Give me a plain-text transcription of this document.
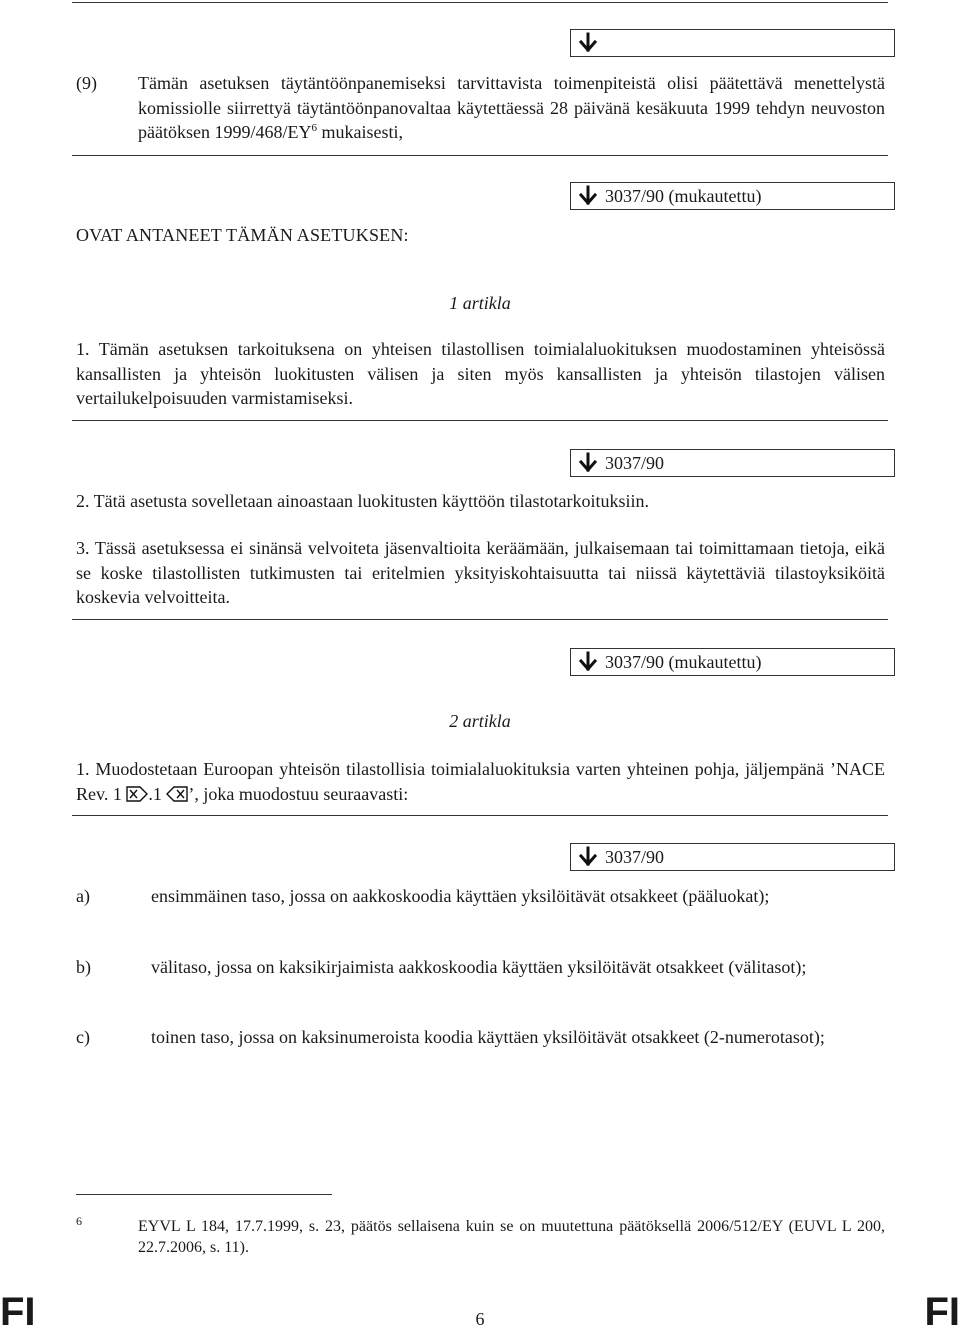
(9) Tämän asetuksen täytäntöönpanemiseksi tarvittavista toimenpiteistä olisi päätettävä menettelystä komissiolle siirrettyä täytäntöönpanovaltaa käytettäessä 28 päivänä kesäkuuta 1999 tehdyn neuvoston päätöksen $1999/468/EY^6$ mukaisesti,
3037/90 (mukautettu)
OVAT ANTANEET TÄMÄN ASETUKSEN:
1 artikla
1. Tämän asetuksen tarkoituksena on yhteisen tilastollisen toimialaluokituksen muodostaminen yhteisössä kansallisten ja yhteisön luokitusten välisen ja siten myös kansallisten ja yhteisön tilastojen välisen vertailukelpoisuuden varmistamiseksi.
3037/90
2. Tätä asetusta sovelletaan ainoastaan luokitusten käyttöön tilastotarkoituksiin.
3. Tässä asetuksessa ei sinänsä velvoiteta jäsenvaltioita keräämään, julkaisemaan tai toimittamaan tietoja, eikä se koske tilastollisten tutkimusten tai eritelmien yksityiskohtaisuutta tai niissä käytettäviä tilastoyksiköitä koskevia velvoitteita.
3037/90 (mukautettu)
2 artikla
1. Muodostetaan Euroopan yhteisön tilastollisia toimialaluokituksia varten yhteinen pohja, jäljempänä ’NACE Rev. 1 .1 ’, joka muodostuu seuraavasti:
3037/90
a)	ensimmäinen taso, jossa on aakkoskoodia käyttäen yksilöitävät otsakkeet (pääluokat);
b)	välitaso, jossa on kaksikirjaimista aakkoskoodia käyttäen yksilöitävät otsakkeet (välitasot);
c)	toinen taso, jossa on kaksinumeroista koodia käyttäen yksilöitävät otsakkeet (2-numerotasot);
6	EYVL L 184, 17.7.1999, s. 23, päätös sellaisena kuin se on muutettuna päätöksellä 2006/512/EY (EUVL L 200, 22.7.2006, s. 11).
FI	6	FI
